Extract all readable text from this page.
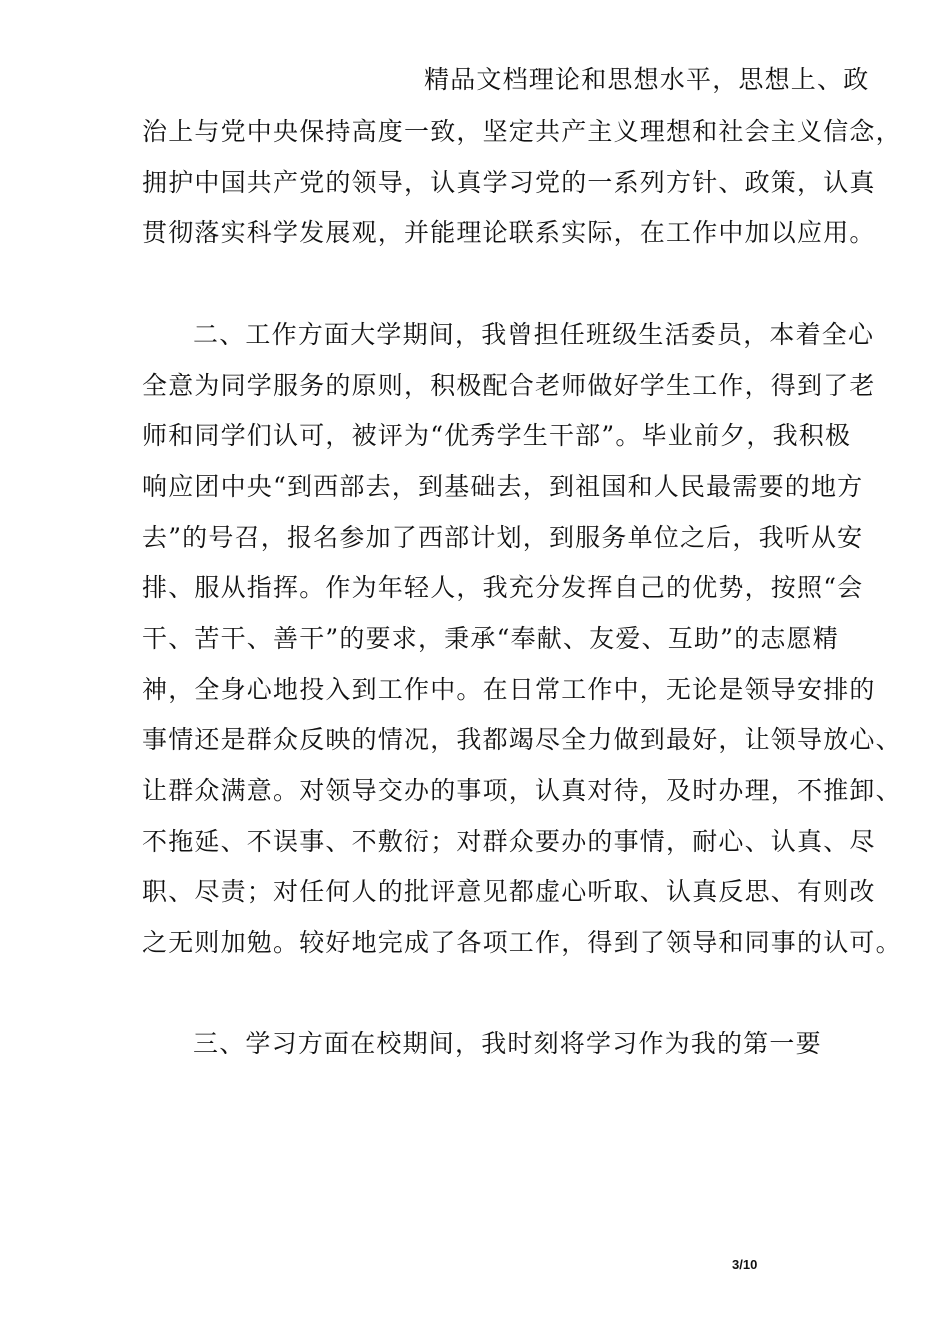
精品文档理论和思想水平，思想上、政
治上与党中央保持高度一致，坚定共产主义理想和社会主义信念，
拥护中国共产党的领导，认真学习党的一系列方针、政策，认真
贯彻落实科学发展观，并能理论联系实际，在工作中加以应用。
二、工作方面大学期间，我曾担任班级生活委员，本着全心
全意为同学服务的原则，积极配合老师做好学生工作，得到了老
师和同学们认可，被评为“优秀学生干部”。毕业前夕，我积极
响应团中央“到西部去，到基础去，到祖国和人民最需要的地方
去”的号召，报名参加了西部计划，到服务单位之后，我听从安
排、服从指挥。作为年轻人，我充分发挥自己的优势，按照“会
干、苦干、善干”的要求，秉承“奉献、友爱、互助”的志愿精
神，全身心地投入到工作中。在日常工作中，无论是领导安排的
事情还是群众反映的情况，我都竭尽全力做到最好，让领导放心、
让群众满意。对领导交办的事项，认真对待，及时办理，不推卸、
不拖延、不误事、不敷衍；对群众要办的事情，耐心、认真、尽
职、尽责；对任何人的批评意见都虚心听取、认真反思、有则改
之无则加勉。较好地完成了各项工作，得到了领导和同事的认可。
三、学习方面在校期间，我时刻将学习作为我的第一要
3/10
